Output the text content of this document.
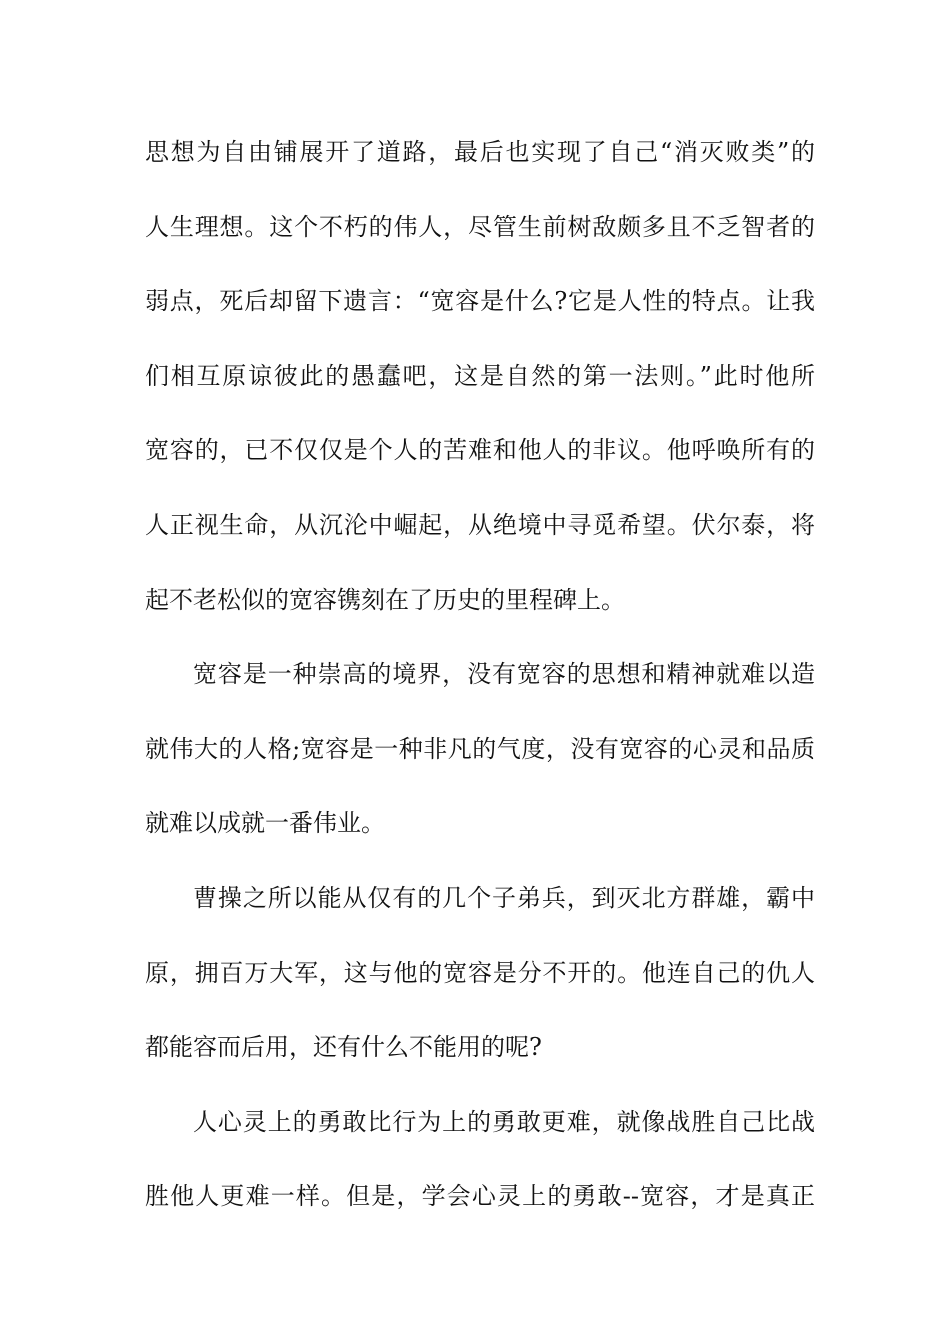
思想为自由铺展开了道路，最后也实现了自己“消灭败类”的
人生理想。这个不朽的伟人，尽管生前树敌颇多且不乏智者的
弱点，死后却留下遗言：“宽容是什么?它是人性的特点。让我
们相互原谅彼此的愚蠢吧，这是自然的第一法则。”此时他所
宽容的，已不仅仅是个人的苦难和他人的非议。他呼唤所有的
人正视生命，从沉沦中崛起，从绝境中寻觅希望。伏尔泰，将
起不老松似的宽容镌刻在了历史的里程碑上。
宽容是一种崇高的境界，没有宽容的思想和精神就难以造
就伟大的人格;宽容是一种非凡的气度，没有宽容的心灵和品质
就难以成就一番伟业。
曹操之所以能从仅有的几个子弟兵，到灭北方群雄，霸中
原，拥百万大军，这与他的宽容是分不开的。他连自己的仇人
都能容而后用，还有什么不能用的呢?
人心灵上的勇敢比行为上的勇敢更难，就像战胜自己比战
胜他人更难一样。但是，学会心灵上的勇敢--宽容，才是真正
